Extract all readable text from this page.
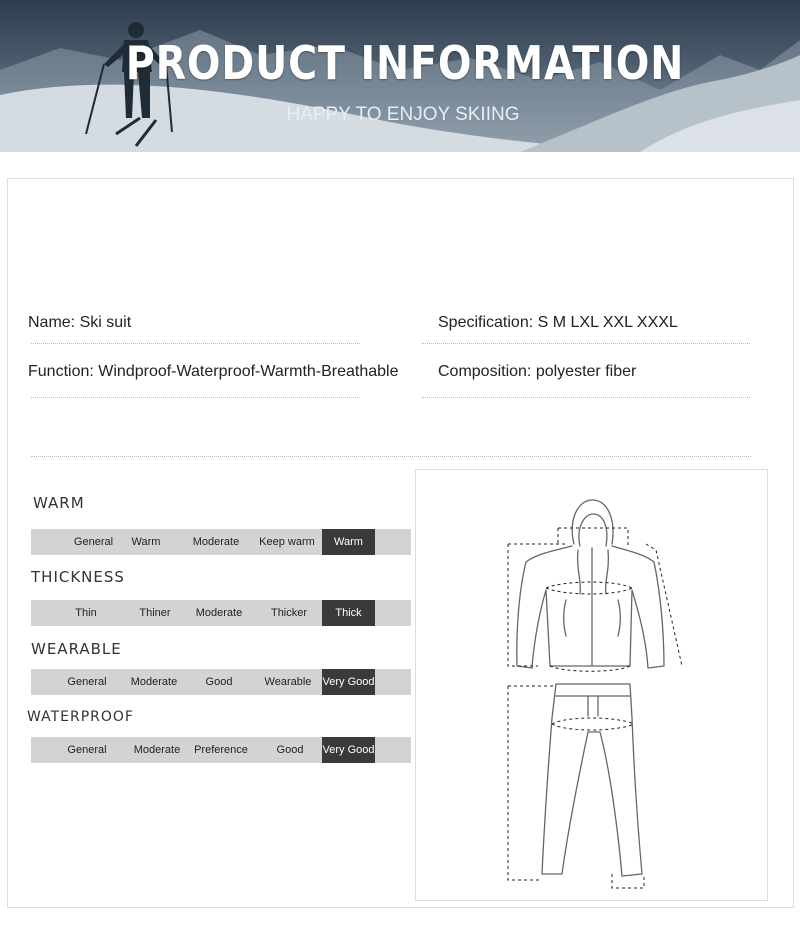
PRODUCT INFORMATION
HAPPY TO ENJOY SKIING
Name: Ski suit	Specification: S M LXL XXL XXXL
Function: Windproof-Waterproof-Warmth-Breathable Composition: polyester fiber
WARM
General	Warm	Moderate	Keep warm	Warm
THICKNESS
Thin	Thiner	Moderate	Thicker	Thick
WEARABLE
General	Moderate	Good	Wearable	Very Good
WATERPROOF
General	Moderate	Preference	Good	Very Good
